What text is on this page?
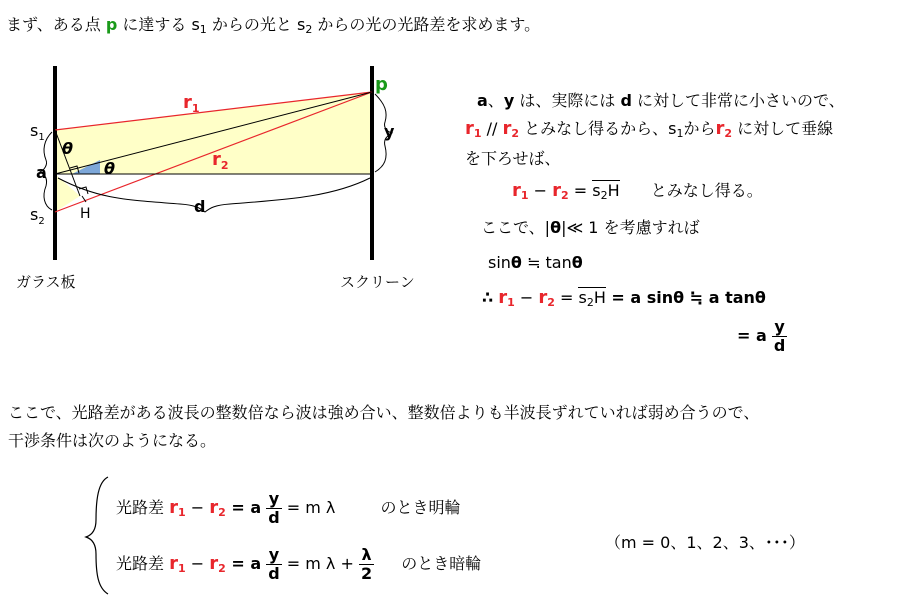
まず、ある点 p に達する $s_1$ からの光と $s_2$ からの光の光路差を求めます。
$r_1$
$r_2$
p
$s_1$
$s_2$
a
y
d
H
θ
θ
ガラス板	スクリーン
a、y は、実際には d に対して非常に小さいので、
$r_1 // r_2$ とみなし得るから、$s_1$から$r_2$ に対して垂線
を下ろせば、
$r_1 - r_2 = s_2H$ とみなし得る。
ここで、|θ|≪ 1 を考慮すれば
sinθ ≒ tanθ
∴ $r_1 - r_2 = s_2H = a$ sinθ ≒ a tanθ
= a $\frac{y}{d}$
ここで、光路差がある波長の整数倍なら波は強め合い、整数倍よりも半波長ずれていれば弱め合うので、
干渉条件は次のようになる。
光路差 $r_1 - r_2 = a \frac{y}{d} = m$ λ	のとき明輪
光路差 $r_1 - r_2 = a \frac{y}{d} = m$ $\lambda + \frac{\lambda}{2}$ のとき暗輪
（m = 0、1、2、3、･･･）
